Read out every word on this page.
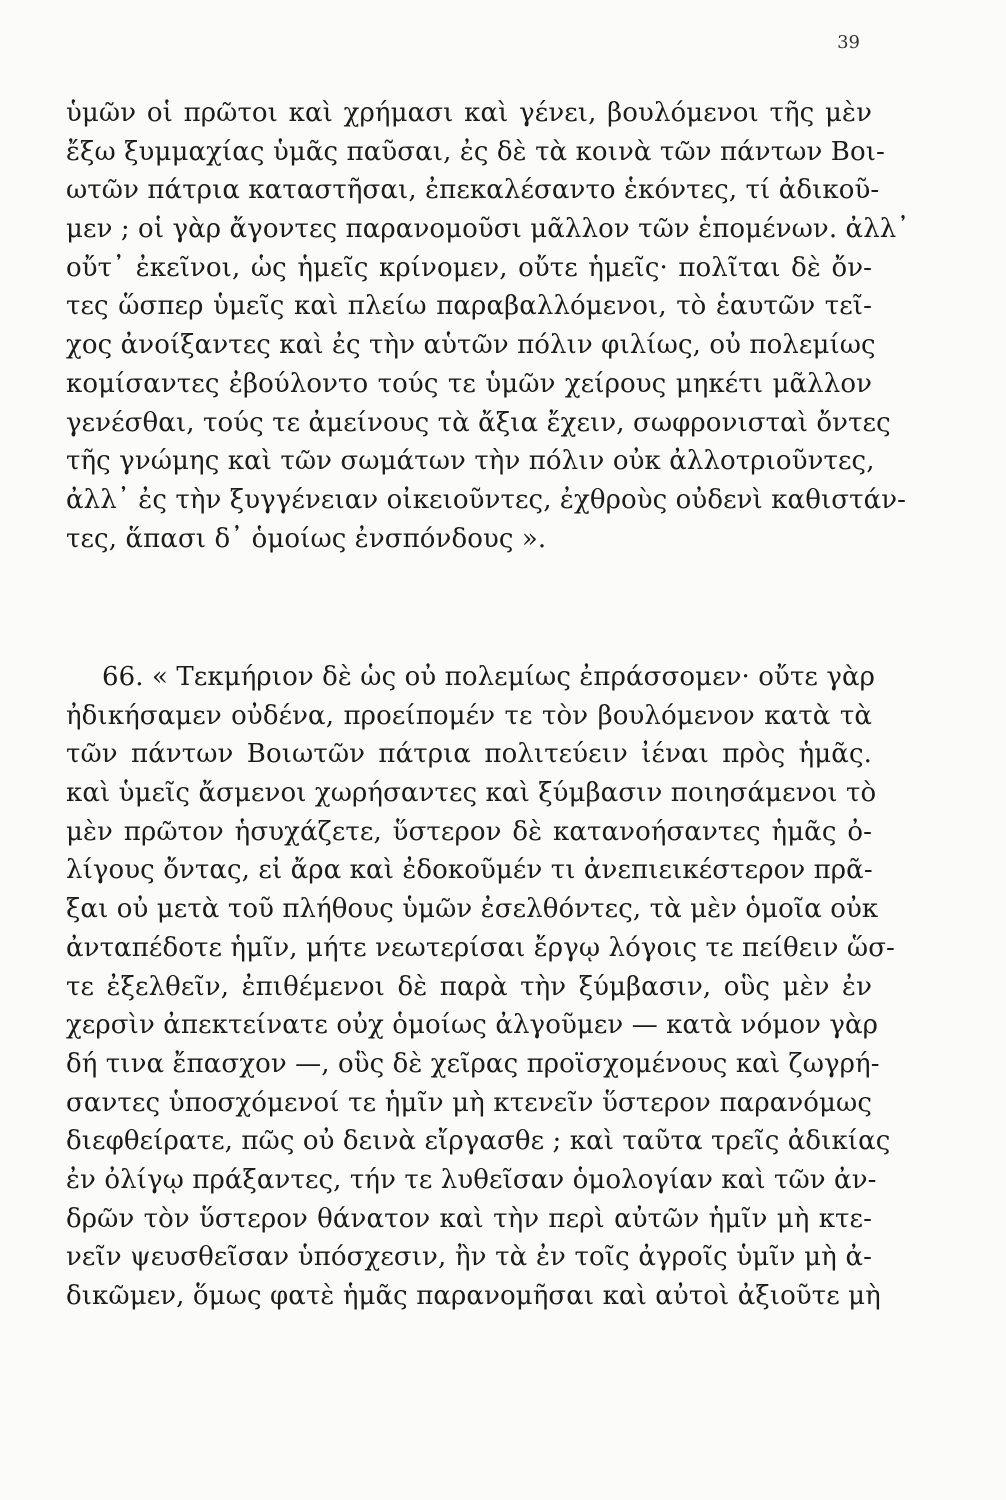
39
ὑμῶν οἱ πρῶτοι καὶ χρήμασι καὶ γένει, βουλόμενοι τῆς μὲν
ἔξω ξυμμαχίας ὑμᾶς παῦσαι, ἐς δὲ τὰ κοινὰ τῶν πάντων Βοι-
ωτῶν πάτρια καταστῆσαι, ἐπεκαλέσαντο ἑκόντες, τί ἀδικοῦ-
μεν ; οἱ γὰρ ἄγοντες παρανομοῦσι μᾶλλον τῶν ἑπομένων. ἀλλ᾽
οὔτ᾽ ἐκεῖνοι, ὡς ἡμεῖς κρίνομεν, οὔτε ἡμεῖς· πολῖται δὲ ὄν-
τες ὥσπερ ὑμεῖς καὶ πλείω παραβαλλόμενοι, τὸ ἑαυτῶν τεῖ-
χος ἀνοίξαντες καὶ ἐς τὴν αὑτῶν πόλιν φιλίως, οὐ πολεμίως
κομίσαντες ἐβούλοντο τούς τε ὑμῶν χείρους μηκέτι μᾶλλον
γενέσθαι, τούς τε ἀμείνους τὰ ἄξια ἔχειν, σωφρονισταὶ ὄντες
τῆς γνώμης καὶ τῶν σωμάτων τὴν πόλιν οὐκ ἀλλοτριοῦντες,
ἀλλ᾽ ἐς τὴν ξυγγένειαν οἰκειοῦντες, ἐχθροὺς οὐδενὶ καθιστάν-
τες, ἅπασι δ᾽ ὁμοίως ἐνσπόνδους ».
66. « Τεκμήριον δὲ ὡς οὐ πολεμίως ἐπράσσομεν· οὔτε γὰρ
ἠδικήσαμεν οὐδένα, προείπομέν τε τὸν βουλόμενον κατὰ τὰ
τῶν πάντων Βοιωτῶν πάτρια πολιτεύειν ἰέναι πρὸς ἡμᾶς.
καὶ ὑμεῖς ἄσμενοι χωρήσαντες καὶ ξύμβασιν ποιησάμενοι τὸ
μὲν πρῶτον ἡσυχάζετε, ὕστερον δὲ κατανοήσαντες ἡμᾶς ὀ-
λίγους ὄντας, εἰ ἄρα καὶ ἐδοκοῦμέν τι ἀνεπιεικέστερον πρᾶ-
ξαι οὐ μετὰ τοῦ πλήθους ὑμῶν ἐσελθόντες, τὰ μὲν ὁμοῖα οὐκ
ἀνταπέδοτε ἡμῖν, μήτε νεωτερίσαι ἔργῳ λόγοις τε πείθειν ὥσ-
τε ἐξελθεῖν, ἐπιθέμενοι δὲ παρὰ τὴν ξύμβασιν, οὓς μὲν ἐν
χερσὶν ἀπεκτείνατε οὐχ ὁμοίως ἀλγοῦμεν — κατὰ νόμον γὰρ
δή τινα ἔπασχον —, οὓς δὲ χεῖρας προϊσχομένους καὶ ζωγρή-
σαντες ὑποσχόμενοί τε ἡμῖν μὴ κτενεῖν ὕστερον παρανόμως
διεφθείρατε, πῶς οὐ δεινὰ εἴργασθε ; καὶ ταῦτα τρεῖς ἀδικίας
ἐν ὀλίγῳ πράξαντες, τήν τε λυθεῖσαν ὁμολογίαν καὶ τῶν ἀν-
δρῶν τὸν ὕστερον θάνατον καὶ τὴν περὶ αὐτῶν ἡμῖν μὴ κτε-
νεῖν ψευσθεῖσαν ὑπόσχεσιν, ἢν τὰ ἐν τοῖς ἀγροῖς ὑμῖν μὴ ἀ-
δικῶμεν, ὅμως φατὲ ἡμᾶς παρανομῆσαι καὶ αὐτοὶ ἀξιοῦτε μὴ
